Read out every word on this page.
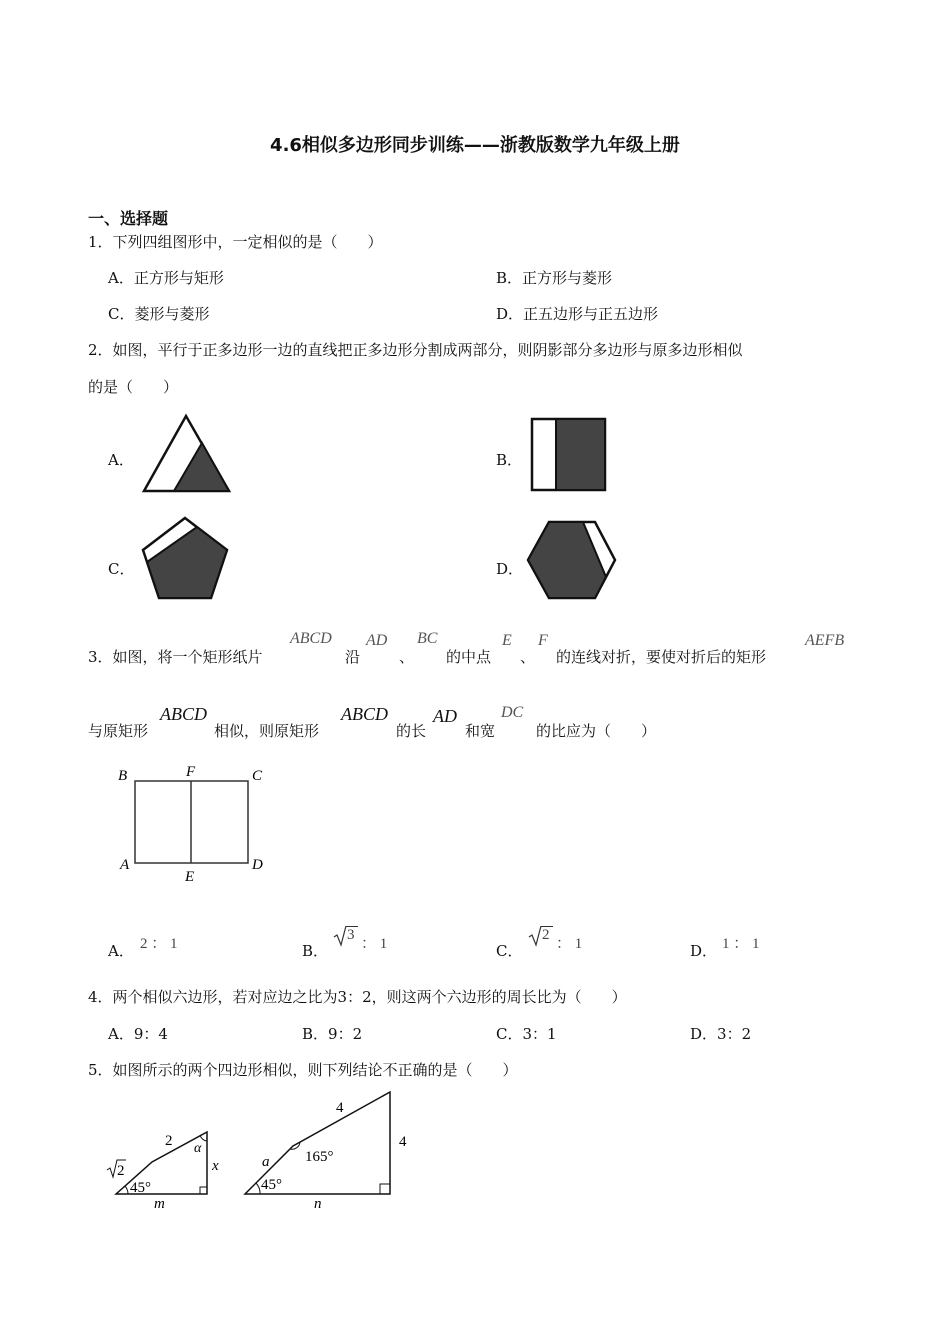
4.6相似多边形同步训练——浙教版数学九年级上册
一、选择题
1．下列四组图形中，一定相似的是（　　）
A．正方形与矩形	B．正方形与菱形
C．菱形与菱形	D．正五边形与正五边形
2．如图，平行于正多边形一边的直线把正多边形分割成两部分，则阴影部分多边形与原多边形相似
的是（　　）
A．	B．
C．	D．
3．如图，将一个矩形纸片
ABCD
沿
AD
、
BC
的中点
E
、
F
的连线对折，要使对折后的矩形
AEFB
与原矩形
ABCD
相似，则原矩形
ABCD
的长
AD
和宽
DC
的比应为（　　）
B	F	C
A
E
D
A． 2 ： 1	B．
3
： 1	C．
2
： 1	D． 1 ： 1
4．两个相似六边形，若对应边之比为3：2，则这两个六边形的周长比为（　　）
A．9：4	B．9：2	C．3：1	D．3：2
5．如图所示的两个四边形相似，则下列结论不正确的是（　　）
2
2 α
x
45°
m
4
4
a 165°
45°
n
